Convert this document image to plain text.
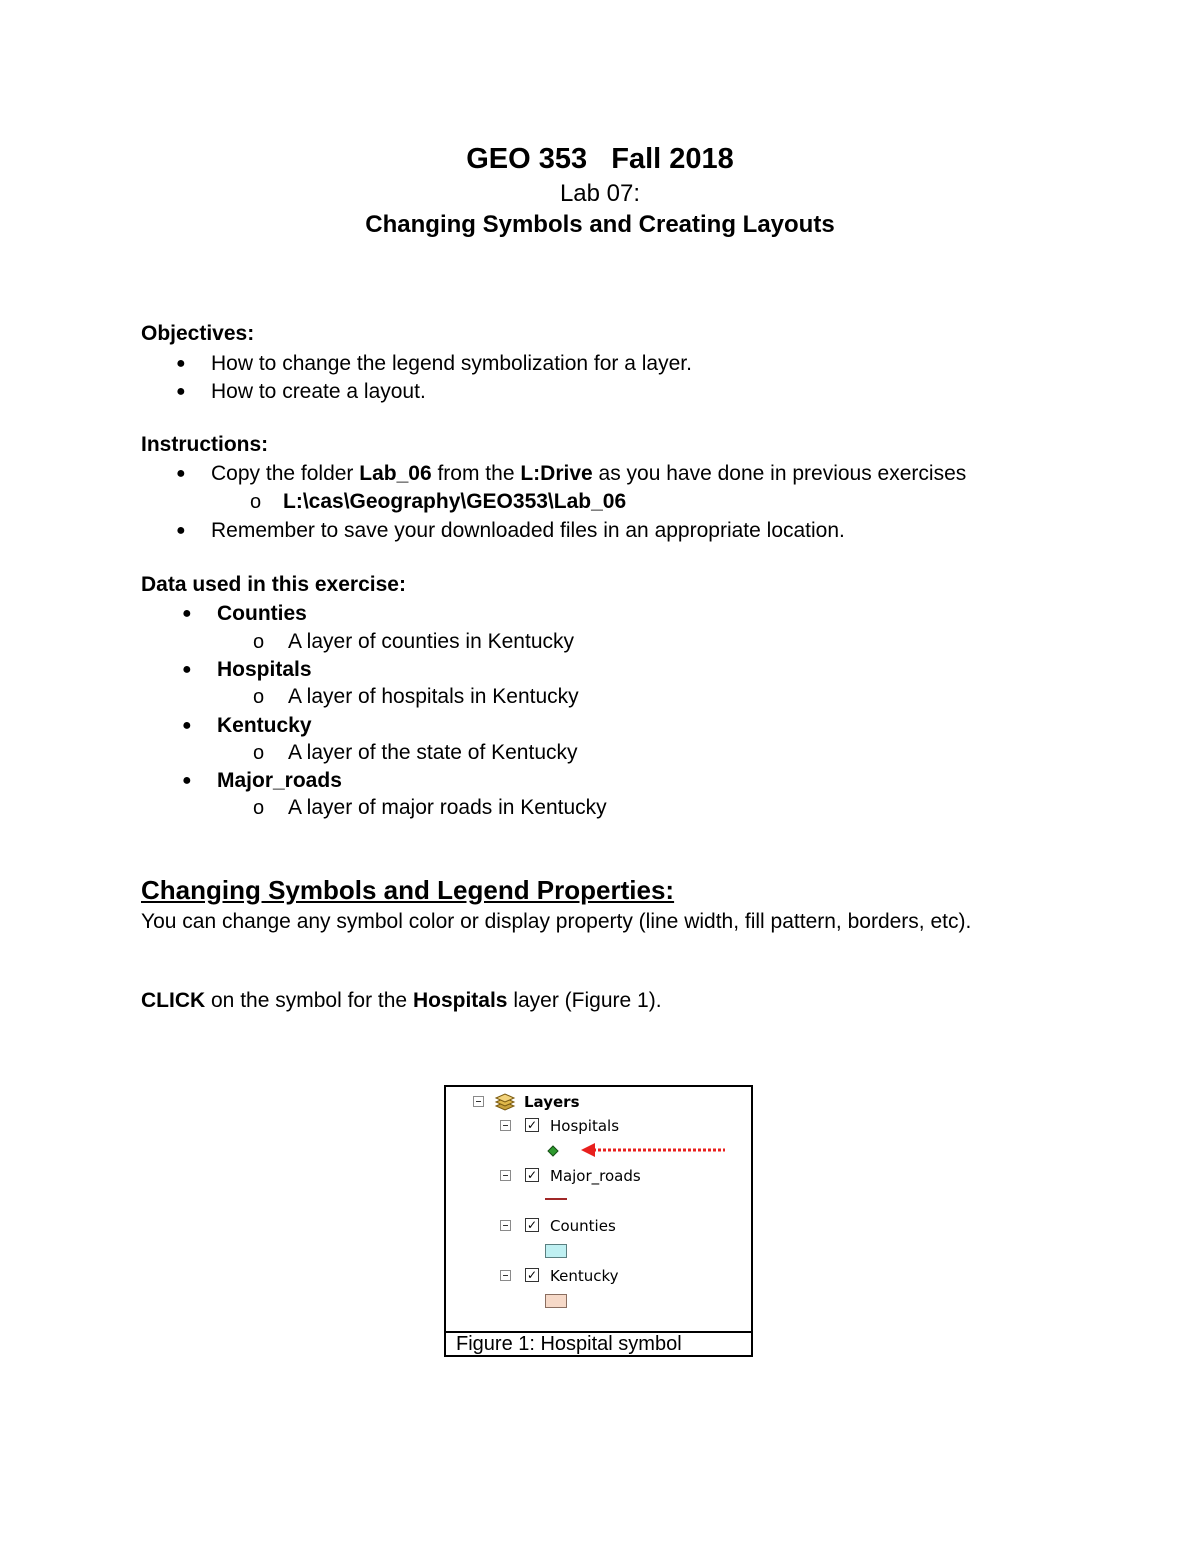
GEO 353 Fall 2018
Lab 07:
Changing Symbols and Creating Layouts
Objectives:
● How to change the legend symbolization for a layer.
● How to create a layout.
Instructions:
● Copy the folder Lab_06 from the L:Drive as you have done in previous exercises
o L:\cas\Geography\GEO353\Lab_06
● Remember to save your downloaded files in an appropriate location.
Data used in this exercise:
● Counties
o A layer of counties in Kentucky
● Hospitals
o A layer of hospitals in Kentucky
● Kentucky
o A layer of the state of Kentucky
● Major_roads
o A layer of major roads in Kentucky
Changing Symbols and Legend Properties:
You can change any symbol color or display property (line width, fill pattern, borders, etc).
CLICK on the symbol for the Hospitals layer (Figure 1).
Layers
✓ Hospitals
✓ Major_roads
✓ Counties
✓ Kentucky
Figure 1: Hospital symbol
